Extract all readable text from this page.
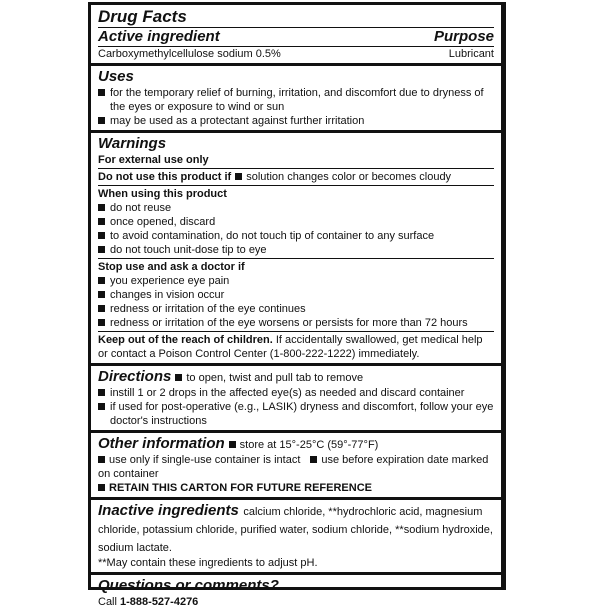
Drug Facts
Active ingredient	Purpose
Carboxymethylcellulose sodium 0.5%	Lubricant
Uses
for the temporary relief of burning, irritation, and discomfort due to dryness of the eyes or exposure to wind or sun
may be used as a protectant against further irritation
Warnings
For external use only
Do not use this product if solution changes color or becomes cloudy
When using this product
do not reuse
once opened, discard
to avoid contamination, do not touch tip of container to any surface
do not touch unit-dose tip to eye
Stop use and ask a doctor if
you experience eye pain
changes in vision occur
redness or irritation of the eye continues
redness or irritation of the eye worsens or persists for more than 72 hours
Keep out of the reach of children. If accidentally swallowed, get medical help or contact a Poison Control Center (1-800-222-1222) immediately.
Directions to open, twist and pull tab to remove
instill 1 or 2 drops in the affected eye(s) as needed and discard container
if used for post-operative (e.g., LASIK) dryness and discomfort, follow your eye doctor's instructions
Other information store at 15°-25°C (59°-77°F)
use only if single-use container is intact use before expiration date marked on container
RETAIN THIS CARTON FOR FUTURE REFERENCE
Inactive ingredients calcium chloride, **hydrochloric acid, magnesium chloride, potassium chloride, purified water, sodium chloride, **sodium hydroxide, sodium lactate.
**May contain these ingredients to adjust pH.
Questions or comments?
Call 1-888-527-4276
